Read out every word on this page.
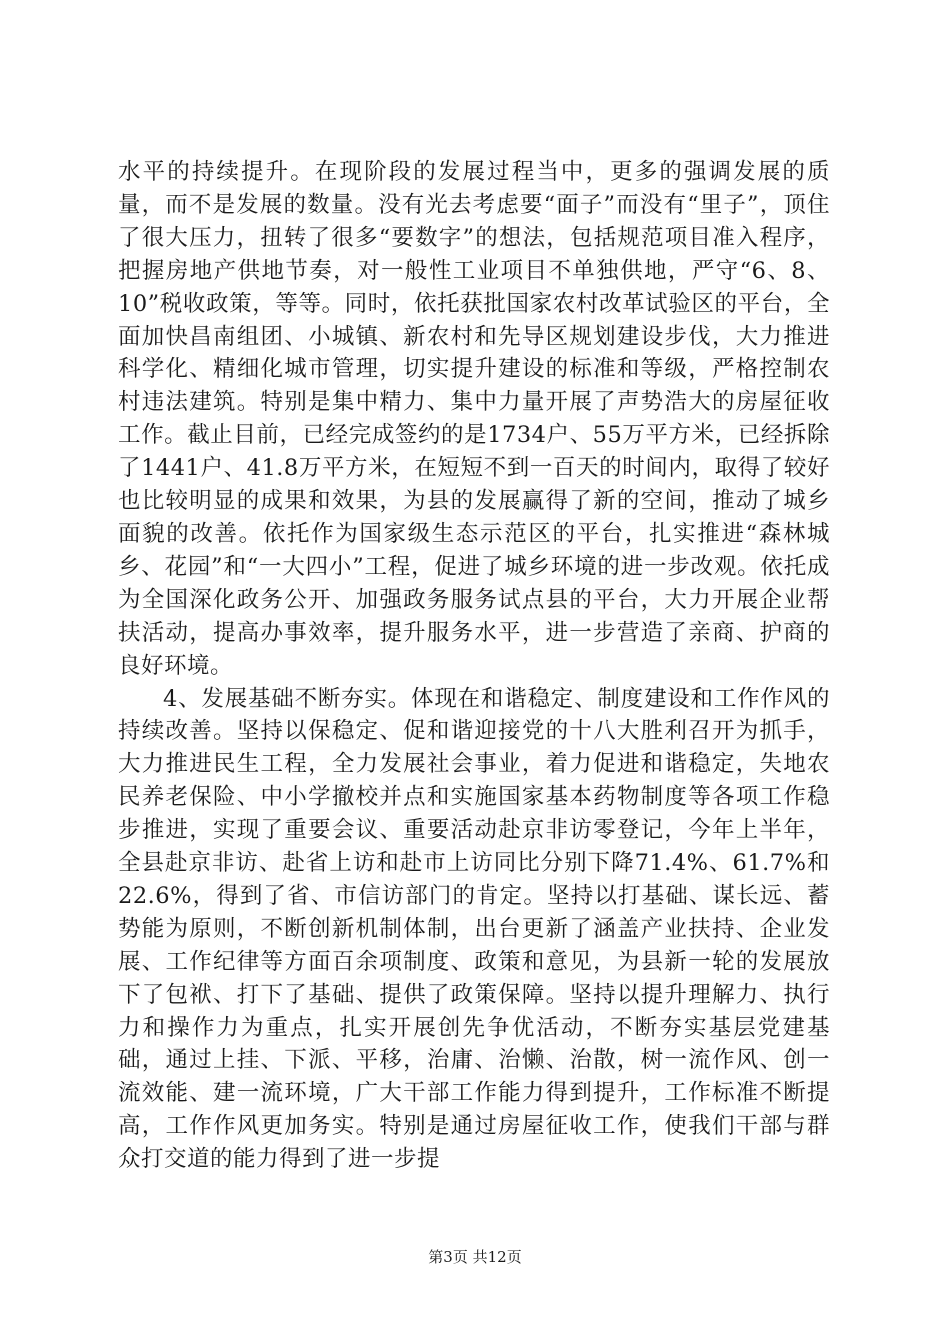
水平的持续提升。在现阶段的发展过程当中，更多的强调发展的质量，而不是发展的数量。没有光去考虑要“面子”而没有“里子”，顶住了很大压力，扭转了很多“要数字”的想法，包括规范项目准入程序，把握房地产供地节奏，对一般性工业项目不单独供地，严守“6、8、10”税收政策，等等。同时，依托获批国家农村改革试验区的平台，全面加快昌南组团、小城镇、新农村和先导区规划建设步伐，大力推进科学化、精细化城市管理，切实提升建设的标准和等级，严格控制农村违法建筑。特别是集中精力、集中力量开展了声势浩大的房屋征收工作。截止目前，已经完成签约的是1734户、55万平方米，已经拆除了1441户、41.8万平方米，在短短不到一百天的时间内，取得了较好也比较明显的成果和效果，为县的发展赢得了新的空间，推动了城乡面貌的改善。依托作为国家级生态示范区的平台，扎实推进“森林城乡、花园”和“一大四小”工程，促进了城乡环境的进一步改观。依托成为全国深化政务公开、加强政务服务试点县的平台，大力开展企业帮扶活动，提高办事效率，提升服务水平，进一步营造了亲商、护商的良好环境。

4、发展基础不断夯实。体现在和谐稳定、制度建设和工作作风的持续改善。坚持以保稳定、促和谐迎接党的十八大胜利召开为抓手，大力推进民生工程，全力发展社会事业，着力促进和谐稳定，失地农民养老保险、中小学撤校并点和实施国家基本药物制度等各项工作稳步推进，实现了重要会议、重要活动赴京非访零登记，今年上半年，全县赴京非访、赴省上访和赴市上访同比分别下降71.4%、61.7%和22.6%，得到了省、市信访部门的肯定。坚持以打基础、谋长远、蓄势能为原则，不断创新机制体制，出台更新了涵盖产业扶持、企业发展、工作纪律等方面百余项制度、政策和意见，为县新一轮的发展放下了包袱、打下了基础、提供了政策保障。坚持以提升理解力、执行力和操作力为重点，扎实开展创先争优活动，不断夯实基层党建基础，通过上挂、下派、平移，治庸、治懒、治散，树一流作风、创一流效能、建一流环境，广大干部工作能力得到提升，工作标准不断提高，工作作风更加务实。特别是通过房屋征收工作，使我们干部与群众打交道的能力得到了进一步提

第3页 共12页
